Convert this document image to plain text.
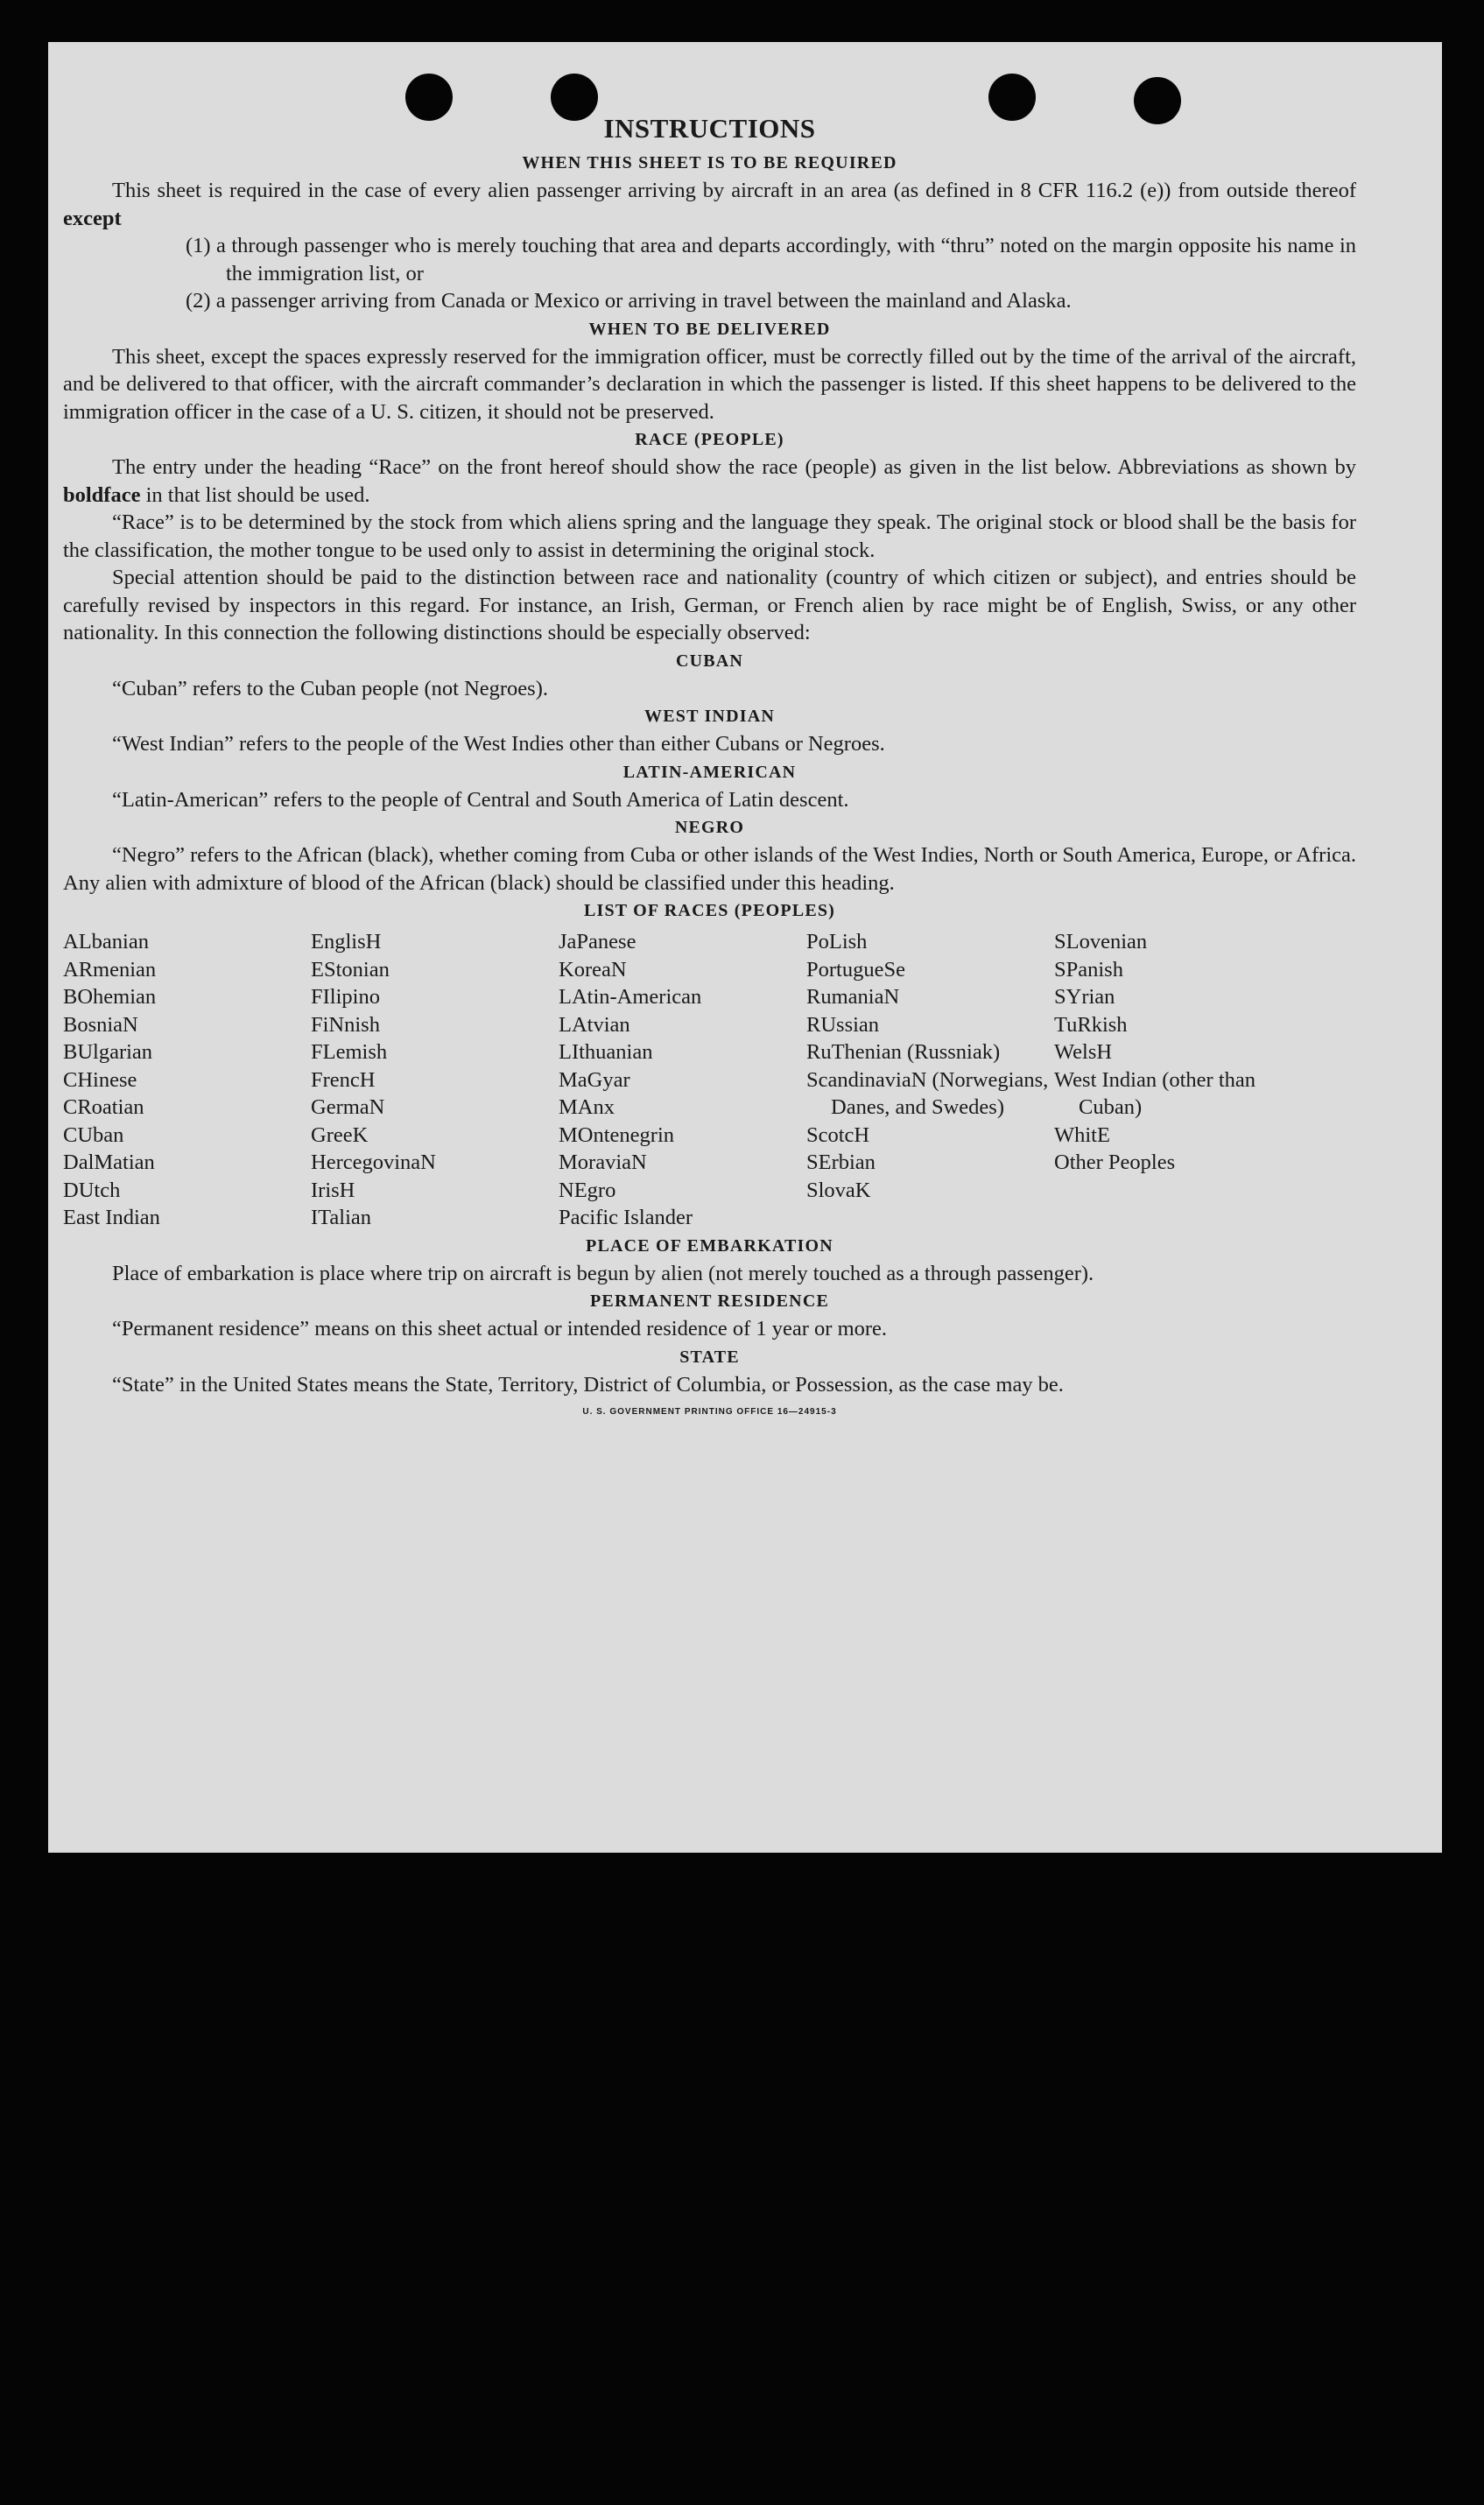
INSTRUCTIONS

WHEN THIS SHEET IS TO BE REQUIRED

This sheet is required in the case of every alien passenger arriving by aircraft in an area (as defined in 8 CFR 116.2 (e)) from outside thereof except

(1) a through passenger who is merely touching that area and departs accordingly, with “thru” noted on the margin opposite his name in the immigration list, or

(2) a passenger arriving from Canada or Mexico or arriving in travel between the mainland and Alaska.

WHEN TO BE DELIVERED

This sheet, except the spaces expressly reserved for the immigration officer, must be correctly filled out by the time of the arrival of the aircraft, and be delivered to that officer, with the aircraft commander’s declaration in which the passenger is listed. If this sheet happens to be delivered to the immigration officer in the case of a U. S. citizen, it should not be preserved.

RACE (PEOPLE)

The entry under the heading “Race” on the front hereof should show the race (people) as given in the list below. Abbreviations as shown by boldface in that list should be used.

“Race” is to be determined by the stock from which aliens spring and the language they speak. The original stock or blood shall be the basis for the classification, the mother tongue to be used only to assist in determining the original stock.

Special attention should be paid to the distinction between race and nationality (country of which citizen or subject), and entries should be carefully revised by inspectors in this regard. For instance, an Irish, German, or French alien by race might be of English, Swiss, or any other nationality. In this connection the following distinctions should be especially observed:

CUBAN

“Cuban” refers to the Cuban people (not Negroes).

WEST INDIAN

“West Indian” refers to the people of the West Indies other than either Cubans or Negroes.

LATIN-AMERICAN

“Latin-American” refers to the people of Central and South America of Latin descent.

NEGRO

“Negro” refers to the African (black), whether coming from Cuba or other islands of the West Indies, North or South America, Europe, or Africa. Any alien with admixture of blood of the African (black) should be classified under this heading.

LIST OF RACES (PEOPLES)

ALbanian
ARmenian
BOhemian
BosniaN
BUlgarian
CHinese
CRoatian
CUban
DalMatian
DUtch
East Indian
EnglisH
EStonian
FIlipino
FiNnish
FLemish
FrencH
GermaN
GreeK
HercegovinaN
IrisH
ITalian
JaPanese
KoreaN
LAtin-American
LAtvian
LIthuanian
MaGyar
MAnx
MOntenegrin
MoraviaN
NEgro
Pacific Islander
PoLish
PortugueSe
RumaniaN
RUssian
RuThenian (Russniak)
ScandinaviaN (Norwegians, Danes, and Swedes)
ScotcH
SErbian
SlovaK
SLovenian
SPanish
SYrian
TuRkish
WelsH
West Indian (other than Cuban)
WhitE
Other Peoples

PLACE OF EMBARKATION

Place of embarkation is place where trip on aircraft is begun by alien (not merely touched as a through passenger).

PERMANENT RESIDENCE

“Permanent residence” means on this sheet actual or intended residence of 1 year or more.

STATE

“State” in the United States means the State, Territory, District of Columbia, or Possession, as the case may be.

U. S. GOVERNMENT PRINTING OFFICE 16—24915-3
